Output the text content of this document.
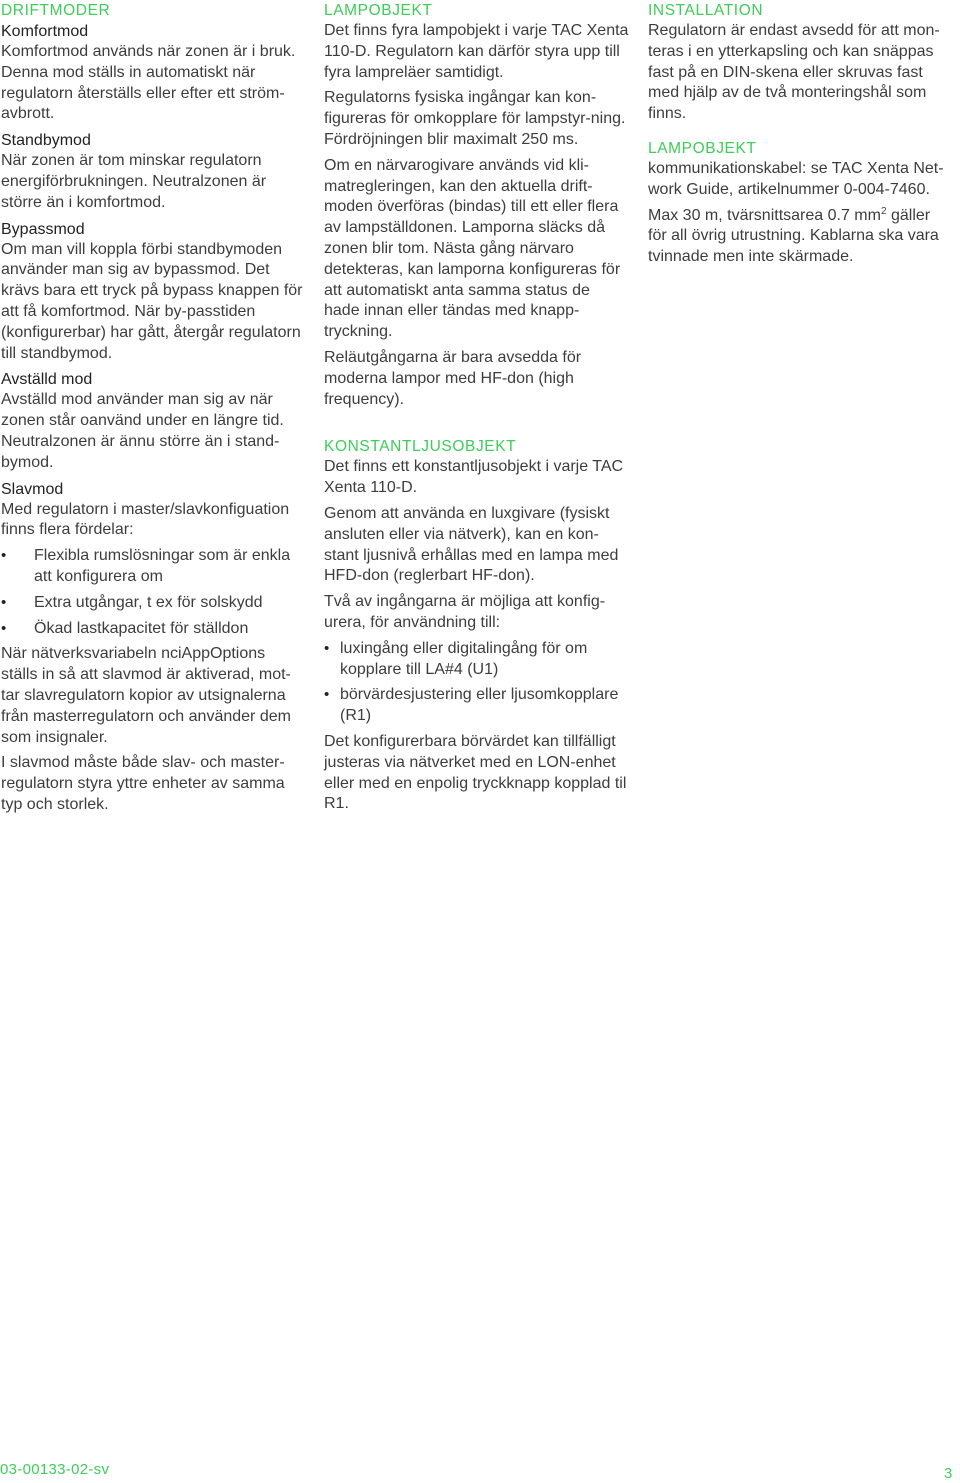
DRIFTMODER
Komfortmod

Komfortmod används när zonen är i bruk. Denna mod ställs in automatiskt när regulatorn återställs eller efter ett ström-avbrott.

Standbymod

När zonen är tom minskar regulatorn energiförbrukningen. Neutralzonen är större än i komfortmod.

Bypassmod

Om man vill koppla förbi standbymoden använder man sig av bypassmod. Det krävs bara ett tryck på bypass knappen för att få komfortmod. När by-passtiden (konfigurerbar) har gått, återgår regulatorn till standbymod.

Avställd mod

Avställd mod använder man sig av när zonen står oanvänd under en längre tid. Neutralzonen är ännu större än i stand-bymod.

Slavmod

Med regulatorn i master/slavkonfiguation finns flera fördelar:

• Flexibla rumslösningar som är enkla att konfigurera om
• Extra utgångar, t ex för solskydd
• Ökad lastkapacitet för ställdon

När nätverksvariabeln nciAppOptions ställs in så att slavmod är aktiverad, mot-tar slavregulatorn kopior av utsignalerna från masterregulatorn och använder dem som insignaler.

I slavmod måste både slav- och master-regulatorn styra yttre enheter av samma typ och storlek.

LAMPOBJEKT

Det finns fyra lampobjekt i varje TAC Xenta 110-D. Regulatorn kan därför styra upp till fyra lampreläer samtidigt.

Regulatorns fysiska ingångar kan kon-figureras för omkopplare för lampstyr-ning. Fördröjningen blir maximalt 250 ms.

Om en närvarogivare används vid kli-matregleringen, kan den aktuella drift-moden överföras (bindas) till ett eller flera av lampställdonen. Lamporna släcks då zonen blir tom. Nästa gång närvaro detekteras, kan lamporna konfigureras för att automatiskt anta samma status de hade innan eller tändas med knapp-tryckning.

Reläutgångarna är bara avsedda för moderna lampor med HF-don (high frequency).

KONSTANTLJUSOBJEKT

Det finns ett konstantljusobjekt i varje TAC Xenta 110-D.

Genom att använda en luxgivare (fysiskt ansluten eller via nätverk), kan en kon-stant ljusnivå erhållas med en lampa med HFD-don (reglerbart HF-don).

Två av ingångarna är möjliga att konfig-urera, för användning till:

• luxingång eller digitalingång för om kopplare till LA#4 (U1)
• börvärdesjustering eller ljusomkopplare (R1)

Det konfigurerbara börvärdet kan tillfälligt justeras via nätverket med en LON-enhet eller med en enpolig tryckknapp kopplad til R1.

INSTALLATION

Regulatorn är endast avsedd för att mon-teras i en ytterkapsling och kan snäppas fast på en DIN-skena eller skruvas fast med hjälp av de två monteringshål som finns.

LAMPOBJEKT

kommunikationskabel: se TAC Xenta Net-work Guide, artikelnummer 0-004-7460.

Max 30 m, tvärsnittsarea 0.7 $mm^2$ gäller för all övrig utrustning. Kablarna ska vara tvinnade men inte skärmade.

03-00133-02-sv	3
